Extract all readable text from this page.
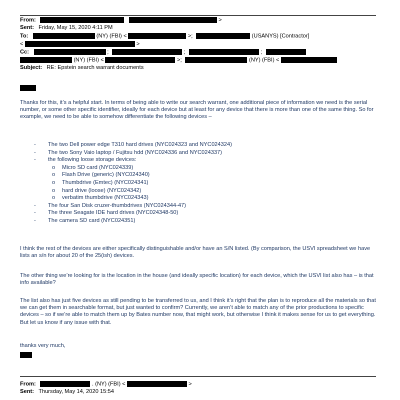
From:	>
Sent: Friday, May 15, 2020 4:11 PM
To:	(NY) (FBI) <	>;	(USANYS) [Contractor]
<	>
Cc:	;	;	;
(NY) (FBI) <	>;	(NY) (FBI) <
Subject: RE: Epstein search warrant documents
Thanks for this, it’s a helpful start. In terms of being able to write our search warrant, one additional piece of information we need is the serial number, or some other specific identifier, ideally for each device but at least for any device that there is more than one of the same thing. So for example, we need to be able to somehow differentiate the following devices –
- The two Dell power edge T310 hard drives (NYC024323 and NYC024324)
- The two Sony Vaio laptop / Fujitsu hdd (NYC024336 and NYC024337)
- the following loose storage devices:
o Micro SD card (NYC024339)
o Flash Drive (generic) (NYC024340)
o Thumbdrive (Emtec) (NYC024341)
o hard drive (loose) (NYC024342)
o verbatim thumbdrive (NYC024343)
- The four San Disk cruzer-thumbdrives (NYC024344-47)
- The three Seagate IDE hard drives (NYC024348-50)
- The camera SD card (NYC024351)
I think the rest of the devices are either specifically distinguishable and/or have an S/N listed. (By comparison, the USVI spreadsheet we have lists an s/n for about 20 of the 25(ish) devices.
The other thing we’re looking for is the location in the house (and ideally specific location) for each device, which the USVI list also has – is that info available?
The list also has just five devices as still pending to be transferred to us, and I think it’s right that the plan is to reproduce all the materials so that we can get them in searchable format, but just wanted to confirm? Currently, we aren’t able to match any of the prior productions to specific devices – so if we’re able to match them up by Bates number now, that might work, but otherwise I think it makes sense for us to get everything. But let us know if any issue with that.
thanks very much,
From:	. (NY) (FBI) <	>
Sent: Thursday, May 14, 2020 15:54
